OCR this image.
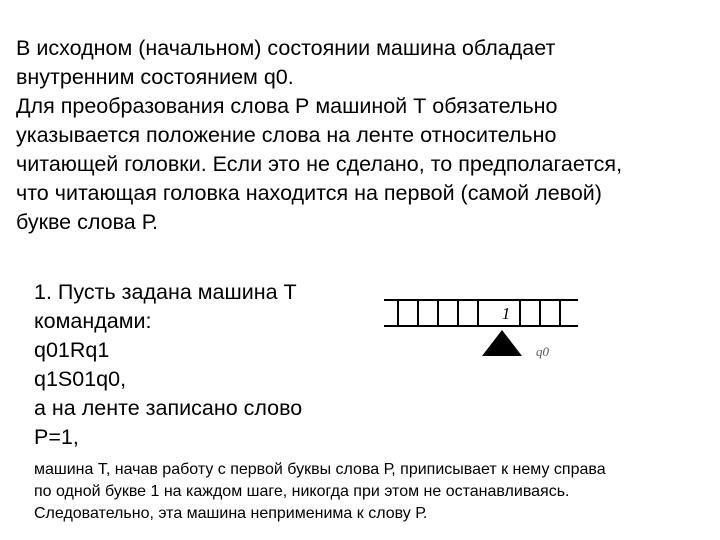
В исходном (начальном) состоянии машина обладает
внутренним состоянием q0.
Для преобразования слова Р машиной Т обязательно
указывается положение слова на ленте относительно
читающей головки. Если это не сделано, то предполагается,
что читающая головка находится на первой (самой левой)
букве слова Р.
1. Пусть задана машина Т
командами:
q01Rq1
q1S01q0,
а на ленте записано слово
P=1,
1
q0
машина Т, начав работу с первой буквы слова Р, приписывает к нему справа
по одной букве 1 на каждом шаге, никогда при этом не останавливаясь.
Следовательно, эта машина неприменима к слову Р.
